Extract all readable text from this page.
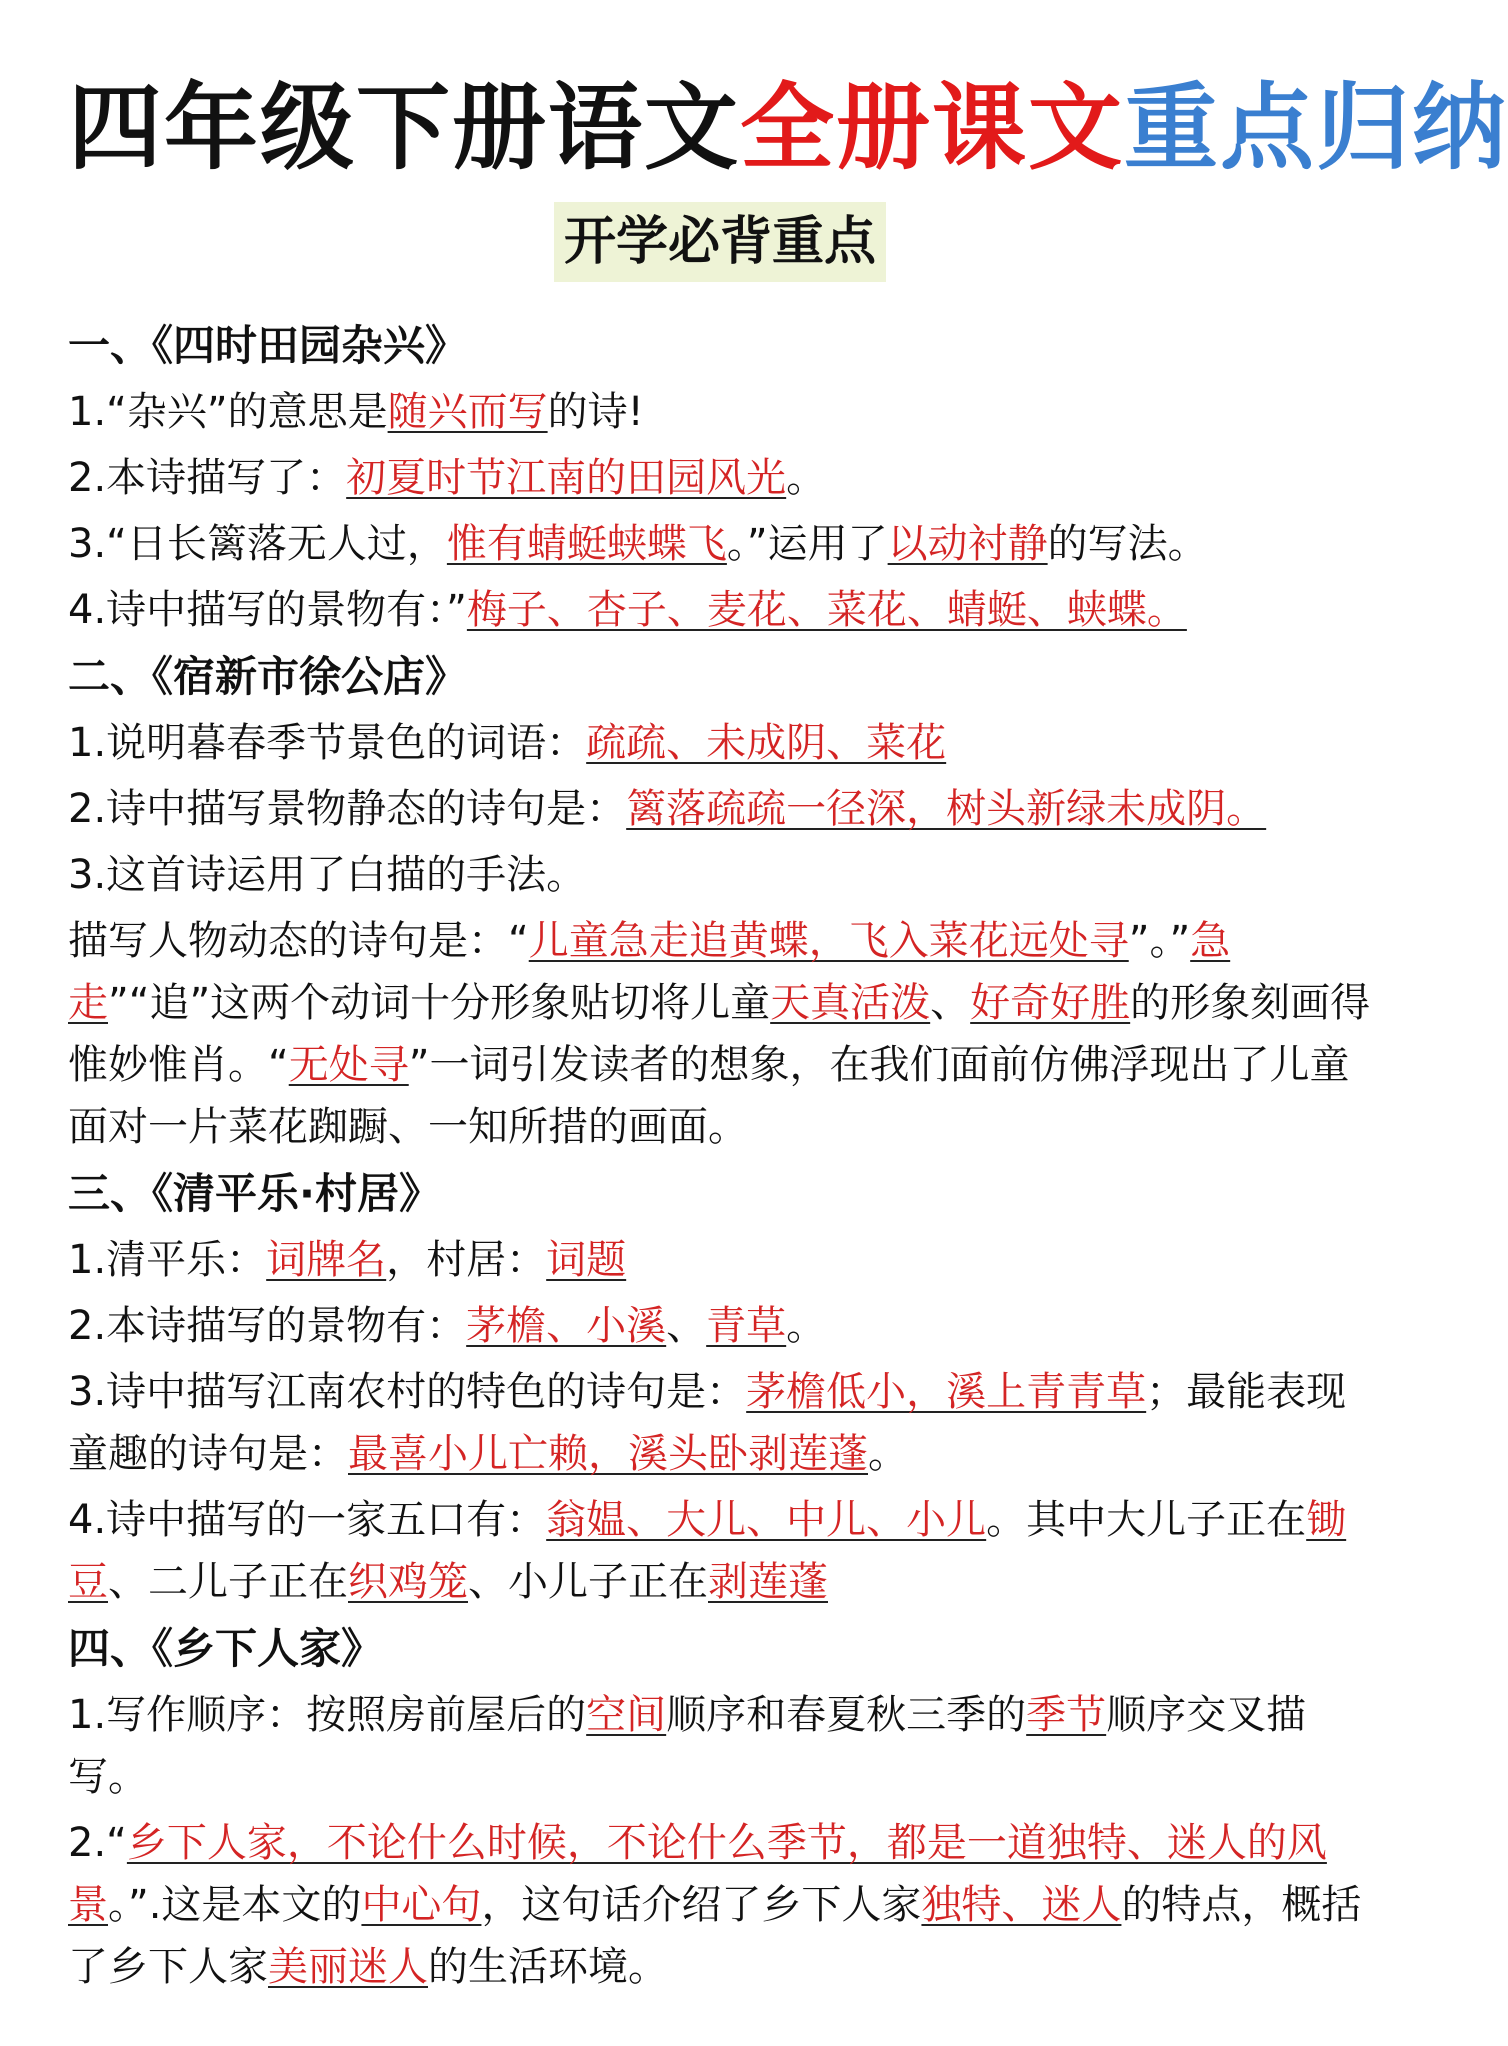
四年级下册语文全册课文重点归纳
开学必背重点

一、《四时田园杂兴》

1.“杂兴”的意思是随兴而写的诗!

2.本诗描写了：初夏时节江南的田园风光。

3.“日长篱落无人过，惟有蜻蜓蛱蝶飞。”运用了以动衬静的写法。

4.诗中描写的景物有：”梅子、杏子、麦花、菜花、蜻蜓、蛱蝶。

二、《宿新市徐公店》

1.说明暮春季节景色的词语：疏疏、未成阴、菜花

2.诗中描写景物静态的诗句是：篱落疏疏一径深，树头新绿未成阴。

3.这首诗运用了白描的手法。

描写人物动态的诗句是：“儿童急走追黄蝶，飞入菜花远处寻”。”急走”“追”这两个动词十分形象贴切将儿童天真活泼、好奇好胜的形象刻画得惟妙惟肖。“无处寻”一词引发读者的想象，在我们面前仿佛浮现出了儿童面对一片菜花踟蹰、一知所措的画面。

三、《清平乐·村居》

1.清平乐：词牌名，村居：词题

2.本诗描写的景物有：茅檐、小溪、青草。

3.诗中描写江南农村的特色的诗句是：茅檐低小，溪上青青草；最能表现童趣的诗句是：最喜小儿亡赖，溪头卧剥莲蓬。

4.诗中描写的一家五口有：翁媪、大儿、中儿、小儿。其中大儿子正在锄豆、二儿子正在织鸡笼、小儿子正在剥莲蓬

四、《乡下人家》

1.写作顺序：按照房前屋后的空间顺序和春夏秋三季的季节顺序交叉描写。

2.“乡下人家，不论什么时候，不论什么季节，都是一道独特、迷人的风景。”.这是本文的中心句，这句话介绍了乡下人家独特、迷人的特点，概括了乡下人家美丽迷人的生活环境。
